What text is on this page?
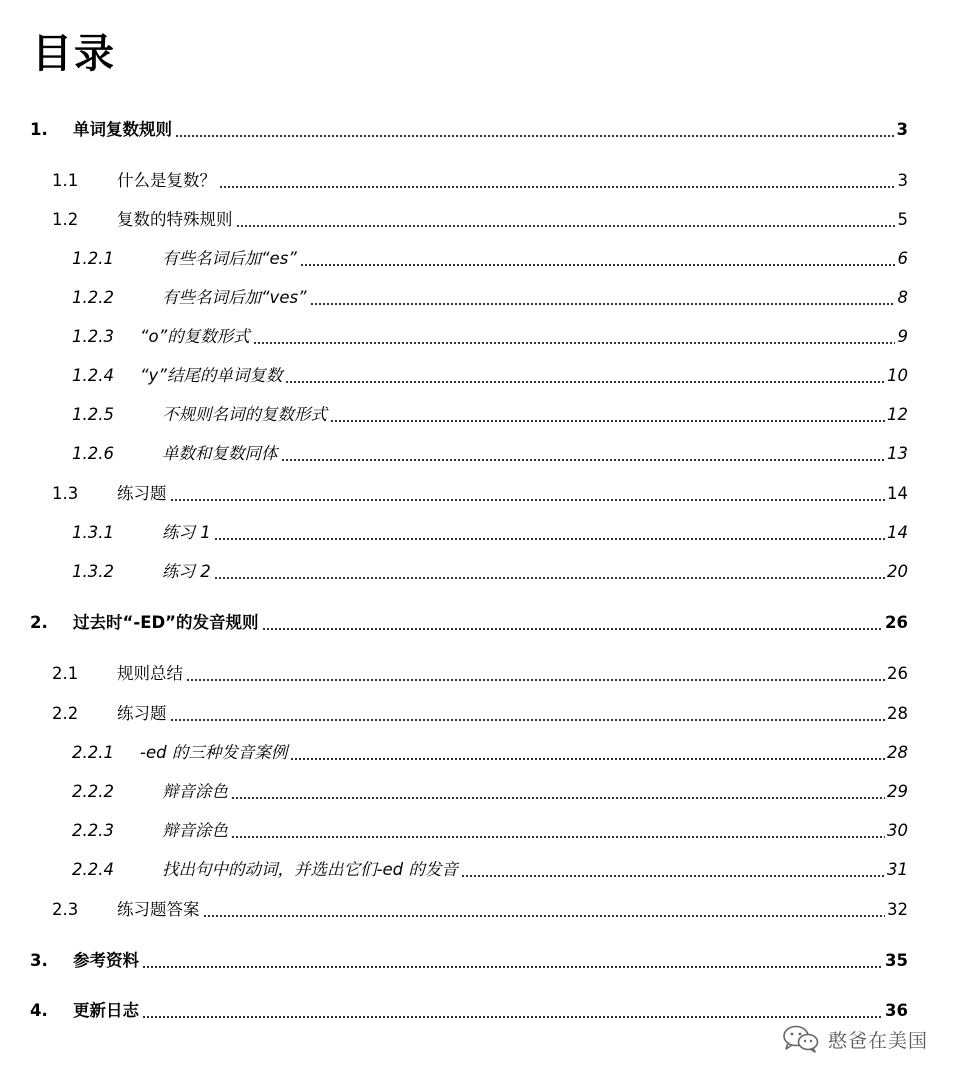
目录
1. 单词复数规则	3
1.1 什么是复数？	3
1.2 复数的特殊规则	5
1.2.1	有些名词后加“es”	6
1.2.2	有些名词后加“ves”	8
1.2.3 “o”的复数形式	9
1.2.4 “y”结尾的单词复数	10
1.2.5	不规则名词的复数形式	12
1.2.6	单数和复数同体	13
1.3 练习题	14
1.3.1	练习 1	14
1.3.2	练习 2	20
2. 过去时“-ED”的发音规则	26
2.1 规则总结	26
2.2 练习题	28
2.2.1 -ed 的三种发音案例	28
2.2.2	辩音涂色	29
2.2.3	辩音涂色	30
2.2.4	找出句中的动词，并选出它们-ed 的发音	31
2.3 练习题答案	32
3. 参考资料	35
4. 更新日志	36
憨爸在美国
